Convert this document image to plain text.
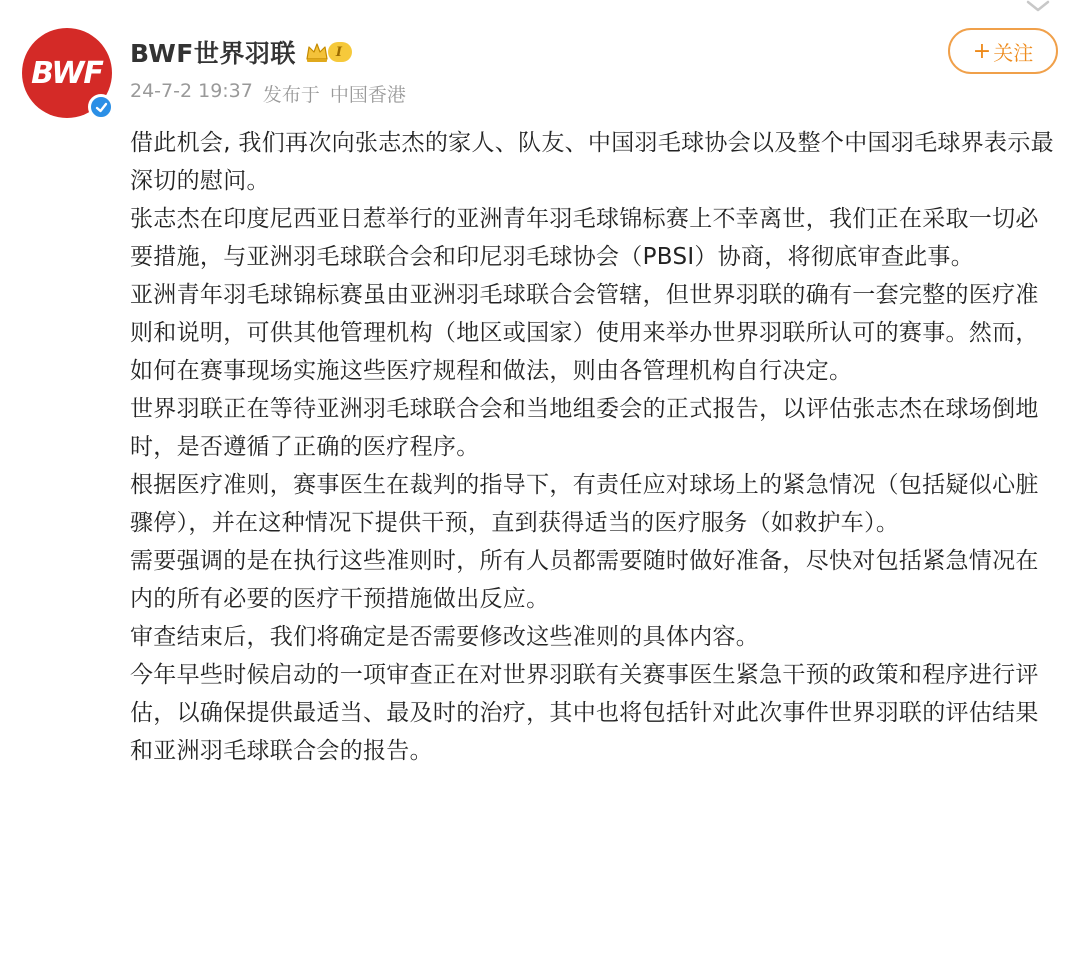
BWF
BWF世界羽联	I
24-7-2 19:37 发布于 中国香港
+ 关注

借此机会, 我们再次向张志杰的家人、队友、中国羽毛球协会以及整个中国羽毛球界表示最深切的慰问。

张志杰在印度尼西亚日惹举行的亚洲青年羽毛球锦标赛上不幸离世，我们正在采取一切必要措施，与亚洲羽毛球联合会和印尼羽毛球协会（PBSI）协商，将彻底审查此事。

亚洲青年羽毛球锦标赛虽由亚洲羽毛球联合会管辖，但世界羽联的确有一套完整的医疗准则和说明，可供其他管理机构（地区或国家）使用来举办世界羽联所认可的赛事。然而，如何在赛事现场实施这些医疗规程和做法，则由各管理机构自行决定。

世界羽联正在等待亚洲羽毛球联合会和当地组委会的正式报告，以评估张志杰在球场倒地时，是否遵循了正确的医疗程序。

根据医疗准则，赛事医生在裁判的指导下，有责任应对球场上的紧急情况（包括疑似心脏骤停），并在这种情况下提供干预，直到获得适当的医疗服务（如救护车）。

需要强调的是在执行这些准则时，所有人员都需要随时做好准备，尽快对包括紧急情况在内的所有必要的医疗干预措施做出反应。

审查结束后，我们将确定是否需要修改这些准则的具体内容。

今年早些时候启动的一项审查正在对世界羽联有关赛事医生紧急干预的政策和程序进行评估，以确保提供最适当、最及时的治疗，其中也将包括针对此次事件世界羽联的评估结果和亚洲羽毛球联合会的报告。
